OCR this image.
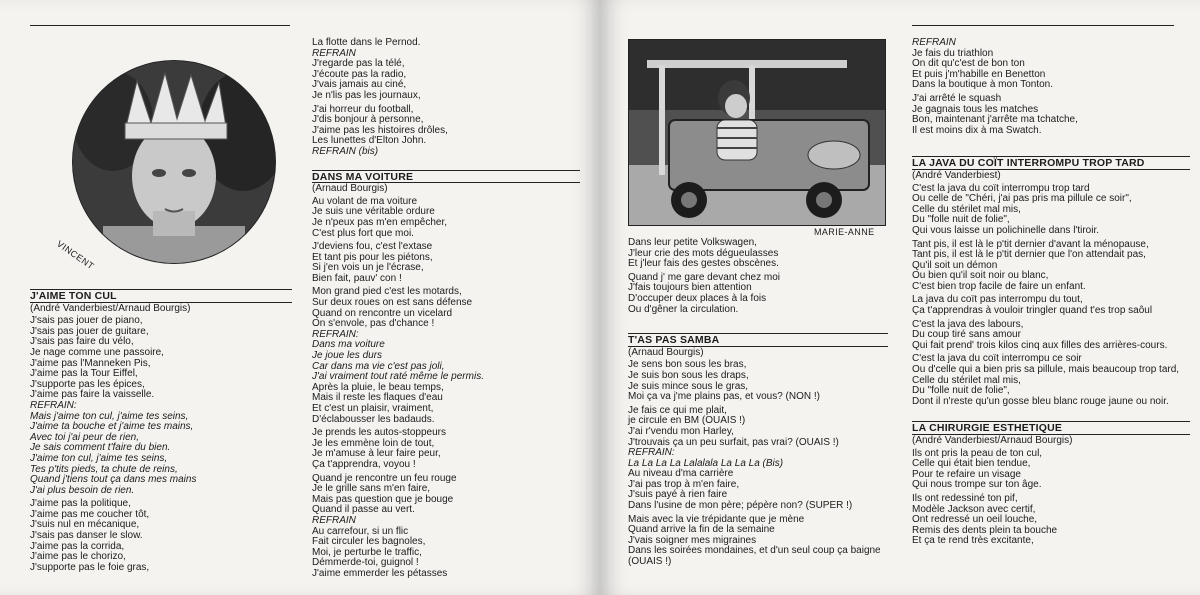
VINCENT
J'AIME TON CUL
(André Vanderbiest/Arnaud Bourgis)
J'sais pas jouer de piano,
J'sais pas jouer de guitare,
J'sais pas faire du vélo,
Je nage comme une passoire,
J'aime pas l'Manneken Pis,
J'aime pas la Tour Eiffel,
J'supporte pas les épices,
J'aime pas faire la vaisselle.
REFRAIN:
Mais j'aime ton cul, j'aime tes seins,
J'aime ta bouche et j'aime tes mains,
Avec toi j'ai peur de rien,
Je sais comment t'faire du bien.
J'aime ton cul, j'aime tes seins,
Tes p'tits pieds, ta chute de reins,
Quand j'tiens tout ça dans mes mains
J'ai plus besoin de rien.
J'aime pas la politique,
J'aime pas me coucher tôt,
J'suis nul en mécanique,
J'sais pas danser le slow.
J'aime pas la corrida,
J'aime pas le chorizo,
J'supporte pas le foie gras,
La flotte dans le Pernod.
REFRAIN
J'regarde pas la télé,
J'écoute pas la radio,
J'vais jamais au ciné,
Je n'lis pas les journaux,
J'ai horreur du football,
J'dis bonjour à personne,
J'aime pas les histoires drôles,
Les lunettes d'Elton John.
REFRAIN (bis)
DANS MA VOITURE
(Arnaud Bourgis)
Au volant de ma voiture
Je suis une véritable ordure
Je n'peux pas m'en empêcher,
C'est plus fort que moi.
J'deviens fou, c'est l'extase
Et tant pis pour les piétons,
Si j'en vois un je l'écrase,
Bien fait, pauv' con !
Mon grand pied c'est les motards,
Sur deux roues on est sans défense
Quand on rencontre un vicelard
On s'envole, pas d'chance !
REFRAIN:
Dans ma voiture
Je joue les durs
Car dans ma vie c'est pas joli,
J'ai vraiment tout raté même le permis.
Après la pluie, le beau temps,
Mais il reste les flaques d'eau
Et c'est un plaisir, vraiment,
D'éclabousser les badauds.
Je prends les autos-stoppeurs
Je les emmène loin de tout,
Je m'amuse à leur faire peur,
Ça t'apprendra, voyou !
Quand je rencontre un feu rouge
Je le grille sans m'en faire,
Mais pas question que je bouge
Quand il passe au vert.
REFRAIN
Au carrefour, si un flic
Fait circuler les bagnoles,
Moi, je perturbe le traffic,
Démmerde-toi, guignol !
J'aime emmerder les pétasses
MARIE-ANNE
Dans leur petite Volkswagen,
J'leur crie des mots dégueulasses
Et j'leur fais des gestes obscènes.
Quand j' me gare devant chez moi
J'fais toujours bien attention
D'occuper deux places à la fois
Ou d'gêner la circulation.
T'AS PAS SAMBA
(Arnaud Bourgis)
Je sens bon sous les bras,
Je suis bon sous les draps,
Je suis mince sous le gras,
Moi ça va j'me plains pas, et vous? (NON !)
Je fais ce qui me plait,
je circule en BM (OUAIS !)
J'ai r'vendu mon Harley,
J'trouvais ça un peu surfait, pas vrai? (OUAIS !)
REFRAIN:
La La La La Lalalala La La La (Bis)
Au niveau d'ma carrière
J'ai pas trop à m'en faire,
J'suis payé à rien faire
Dans l'usine de mon père; pépère non? (SUPER !)
Mais avec la vie trépidante que je mène
Quand arrive la fin de la semaine
J'vais soigner mes migraines
Dans les soirées mondaines, et d'un seul coup ça baigne
(OUAIS !)
REFRAIN
Je fais du triathlon
On dit qu'c'est de bon ton
Et puis j'm'habille en Benetton
Dans la boutique à mon Tonton.
J'ai arrêté le squash
Je gagnais tous les matches
Bon, maintenant j'arrête ma tchatche,
Il est moins dix à ma Swatch.
LA JAVA DU COÏT INTERROMPU TROP TARD
(André Vanderbiest)
C'est la java du coït interrompu trop tard
Ou celle de "Chéri, j'ai pas pris ma pillule ce soir",
Celle du stérilet mal mis,
Du "folle nuit de folie",
Qui vous laisse un polichinelle dans l'tiroir.
Tant pis, il est là le p'tit dernier d'avant la ménopause,
Tant pis, il est là le p'tit dernier que l'on attendait pas,
Qu'il soit un démon
Ou bien qu'il soit noir ou blanc,
C'est bien trop facile de faire un enfant.
La java du coït pas interrompu du tout,
Ça t'apprendras à vouloir tringler quand t'es trop saôul
C'est la java des labours,
Du coup tiré sans amour
Qui fait prend' trois kilos cinq aux filles des arrières-cours.
C'est la java du coït interrompu ce soir
Ou d'celle qui a bien pris sa pillule, mais beaucoup trop tard,
Celle du stérilet mal mis,
Du "folle nuit de folie",
Dont il n'reste qu'un gosse bleu blanc rouge jaune ou noir.
LA CHIRURGIE ESTHETIQUE
(André Vanderbiest/Arnaud Bourgis)
Ils ont pris la peau de ton cul,
Celle qui était bien tendue,
Pour te refaire un visage
Qui nous trompe sur ton âge.
Ils ont redessiné ton pif,
Modèle Jackson avec certif,
Ont redressé un oeil louche,
Remis des dents plein ta bouche
Et ça te rend très excitante,
